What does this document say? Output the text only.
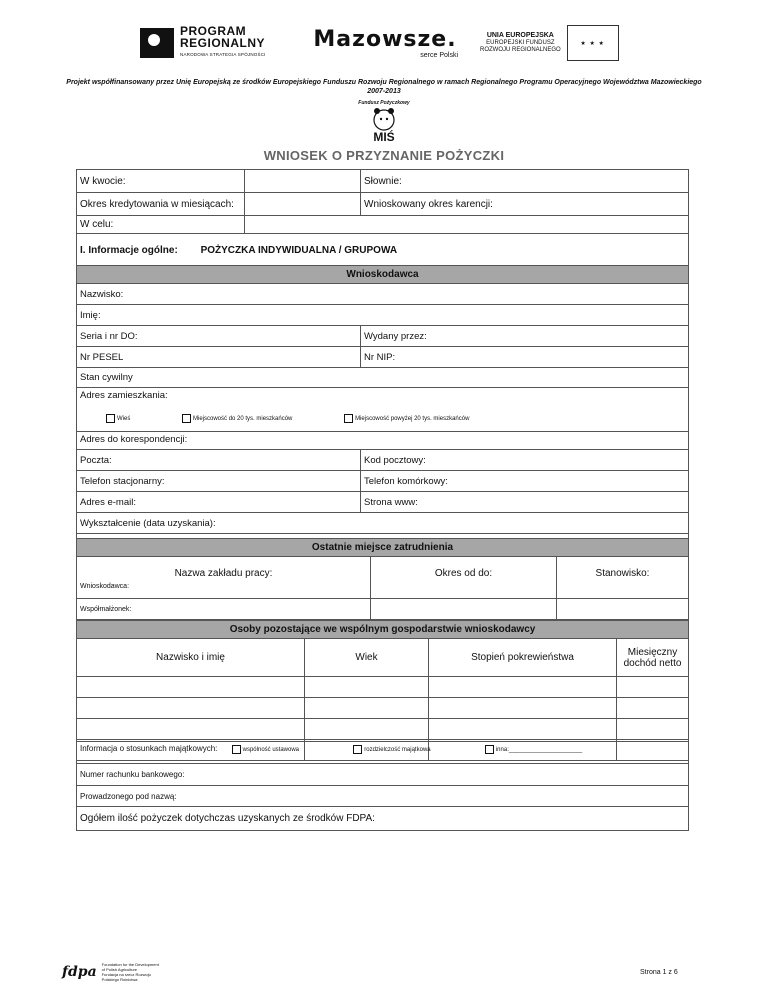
PROGRAM
REGIONALNY
NARODOWA STRATEGIA SPÓJNOŚCI
Mazowsze.
serce Polski
UNIA EUROPEJSKA
EUROPEJSKI FUNDUSZ
ROZWOJU REGIONALNEGO
★ ★ ★
Projekt współfinansowany przez Unię Europejską ze środków Europejskiego Funduszu Rozwoju Regionalnego w ramach Regionalnego Programu Operacyjnego Województwa Mazowieckiego
2007-2013
Fundusz Pożyczkowy
MIŚ
WNIOSEK O PRZYZNANIE POŻYCZKI
W kwocie:		Słownie:
Okres kredytowania w miesiącach:		Wnioskowany okres karencji:
W celu:		
I. Informacje ogólne: POŻYCZKA INDYWIDUALNA / GRUPOWA		
Wnioskodawca	
Nazwisko:	
Imię:	
Seria i nr DO:	Wydany przez:
Nr PESEL	Nr NIP:
Stan cywilny	

Adres zamieszkania:
Wieś Miejscowość do 20 tys. mieszkańców Miejscowość powyżej 20 tys. mieszkańców	

Adres do korespondencji:	
Poczta:	Kod pocztowy:
Telefon stacjonarny:	Telefon komórkowy:
Adres e-mail:	Strona www:
Wykształcenie (data uzyskania):	

Ostatnie miejsce zatrudnienia		
Nazwa zakładu pracy:	Okres od do:	Stanowisko:
Wnioskodawca:		
Współmałżonek:		
Osoby pozostające we wspólnym gospodarstwie wnioskodawcy			
Nazwisko i imię	Wiek	Stopień pokrewieństwa	Miesięczny
dochód netto

Informacja o stosunkach majątkowych:	wspólność ustawowa	rozdzielczość majątkowa	inna:______________________
Numer rachunku bankowego:
Prowadzonego pod nazwą:
Ogółem ilość pożyczek dotychczas uzyskanych ze środków FDPA:
fdpa Foundation for the Development
of Polish Agriculture
Fundacja na rzecz Rozwoju
Polskiego Rolnictwa
Strona 1 z 6
